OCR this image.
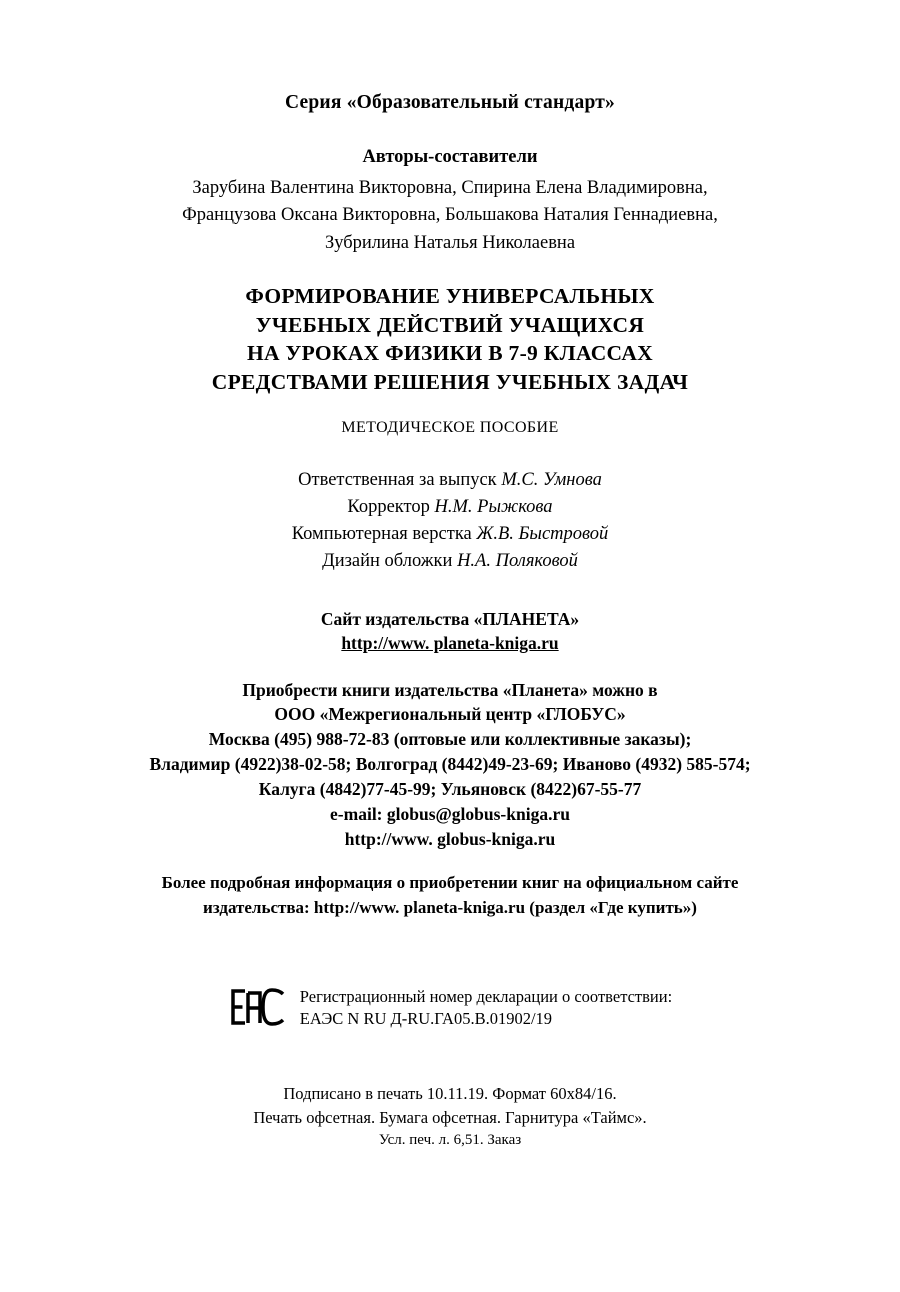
Серия «Образовательный стандарт»
Авторы-составители
Зарубина Валентина Викторовна, Спирина Елена Владимировна,
Французова Оксана Викторовна, Большакова Наталия Геннадиевна,
Зубрилина Наталья Николаевна
ФОРМИРОВАНИЕ УНИВЕРСАЛЬНЫХ
УЧЕБНЫХ ДЕЙСТВИЙ УЧАЩИХСЯ
НА УРОКАХ ФИЗИКИ В 7-9 КЛАССАХ
СРЕДСТВАМИ РЕШЕНИЯ УЧЕБНЫХ ЗАДАЧ
МЕТОДИЧЕСКОЕ ПОСОБИЕ
Ответственная за выпуск М.С. Умнова
Корректор Н.М. Рыжкова
Компьютерная верстка Ж.В. Быстровой
Дизайн обложки Н.А. Поляковой
Сайт издательства «ПЛАНЕТА»
http://www. planeta-kniga.ru
Приобрести книги издательства «Планета» можно в
ООО «Межрегиональный центр «ГЛОБУС»
Москва (495) 988-72-83 (оптовые или коллективные заказы);
Владимир (4922)38-02-58; Волгоград (8442)49-23-69; Иваново (4932) 585-574;
Калуга (4842)77-45-99; Ульяновск (8422)67-55-77
e-mail: globus@globus-kniga.ru
http://www. globus-kniga.ru
Более подробная информация о приобретении книг на официальном сайте
издательства: http://www. planeta-kniga.ru (раздел «Где купить»)
Регистрационный номер декларации о соответствии:
ЕАЭС N RU Д-RU.ГА05.В.01902/19
Подписано в печать 10.11.19. Формат 60х84/16.
Печать офсетная. Бумага офсетная. Гарнитура «Таймс».
Усл. печ. л. 6,51. Заказ
